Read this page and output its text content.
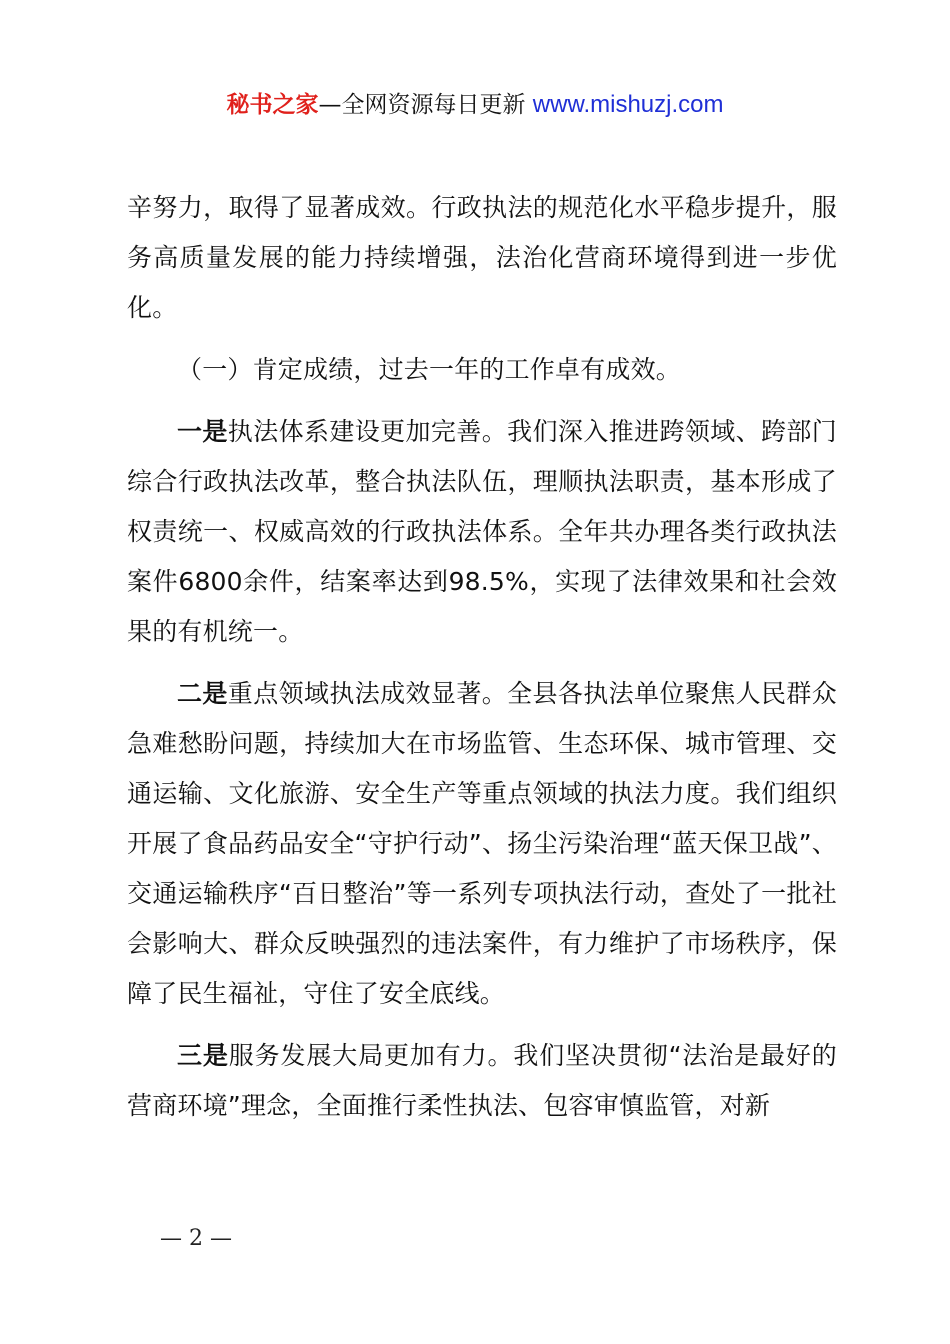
秘书之家—全网资源每日更新 www.mishuzj.com

辛努力，取得了显著成效。行政执法的规范化水平稳步提升，服务高质量发展的能力持续增强，法治化营商环境得到进一步优化。

（一）肯定成绩，过去一年的工作卓有成效。

一是执法体系建设更加完善。我们深入推进跨领域、跨部门综合行政执法改革，整合执法队伍，理顺执法职责，基本形成了权责统一、权威高效的行政执法体系。全年共办理各类行政执法案件6800余件，结案率达到98.5%，实现了法律效果和社会效果的有机统一。

二是重点领域执法成效显著。全县各执法单位聚焦人民群众急难愁盼问题，持续加大在市场监管、生态环保、城市管理、交通运输、文化旅游、安全生产等重点领域的执法力度。我们组织开展了食品药品安全“守护行动”、扬尘污染治理“蓝天保卫战”、交通运输秩序“百日整治”等一系列专项执法行动，查处了一批社会影响大、群众反映强烈的违法案件，有力维护了市场秩序，保障了民生福祉，守住了安全底线。

三是服务发展大局更加有力。我们坚决贯彻“法治是最好的营商环境”理念，全面推行柔性执法、包容审慎监管，对新

— 2 —
